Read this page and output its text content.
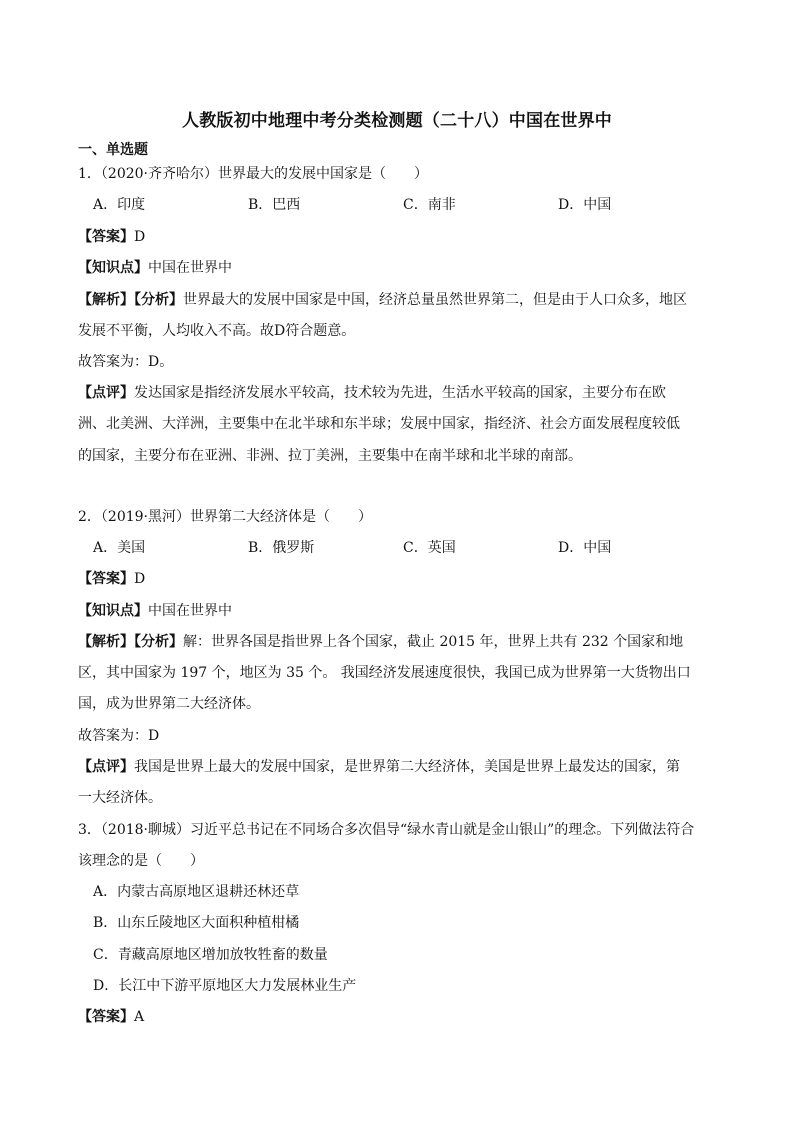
人教版初中地理中考分类检测题（二十八）中国在世界中
一、单选题
1．（2020·齐齐哈尔）世界最大的发展中国家是（　　）
A．印度	B．巴西	C．南非	D．中国
【答案】D
【知识点】中国在世界中
【解析】【分析】世界最大的发展中国家是中国，经济总量虽然世界第二，但是由于人口众多，地区
发展不平衡，人均收入不高。故D符合题意。
故答案为：D。
【点评】发达国家是指经济发展水平较高，技术较为先进，生活水平较高的国家，主要分布在欧
洲、北美洲、大洋洲，主要集中在北半球和东半球；发展中国家，指经济、社会方面发展程度较低
的国家，主要分布在亚洲、非洲、拉丁美洲，主要集中在南半球和北半球的南部。
2．（2019·黑河）世界第二大经济体是（　　）
A．美国	B．俄罗斯	C．英国	D．中国
【答案】D
【知识点】中国在世界中
【解析】【分析】解：世界各国是指世界上各个国家，截止 2015 年，世界上共有 232 个国家和地
区，其中国家为 197 个，地区为 35 个。 我国经济发展速度很快，我国已成为世界第一大货物出口
国，成为世界第二大经济体。
故答案为：D
【点评】我国是世界上最大的发展中国家，是世界第二大经济体，美国是世界上最发达的国家，第
一大经济体。
3．（2018·聊城）习近平总书记在不同场合多次倡导“绿水青山就是金山银山”的理念。下列做法符合
该理念的是（　　）
A．内蒙古高原地区退耕还林还草
B．山东丘陵地区大面积种植柑橘
C．青藏高原地区增加放牧牲畜的数量
D．长江中下游平原地区大力发展林业生产
【答案】A
